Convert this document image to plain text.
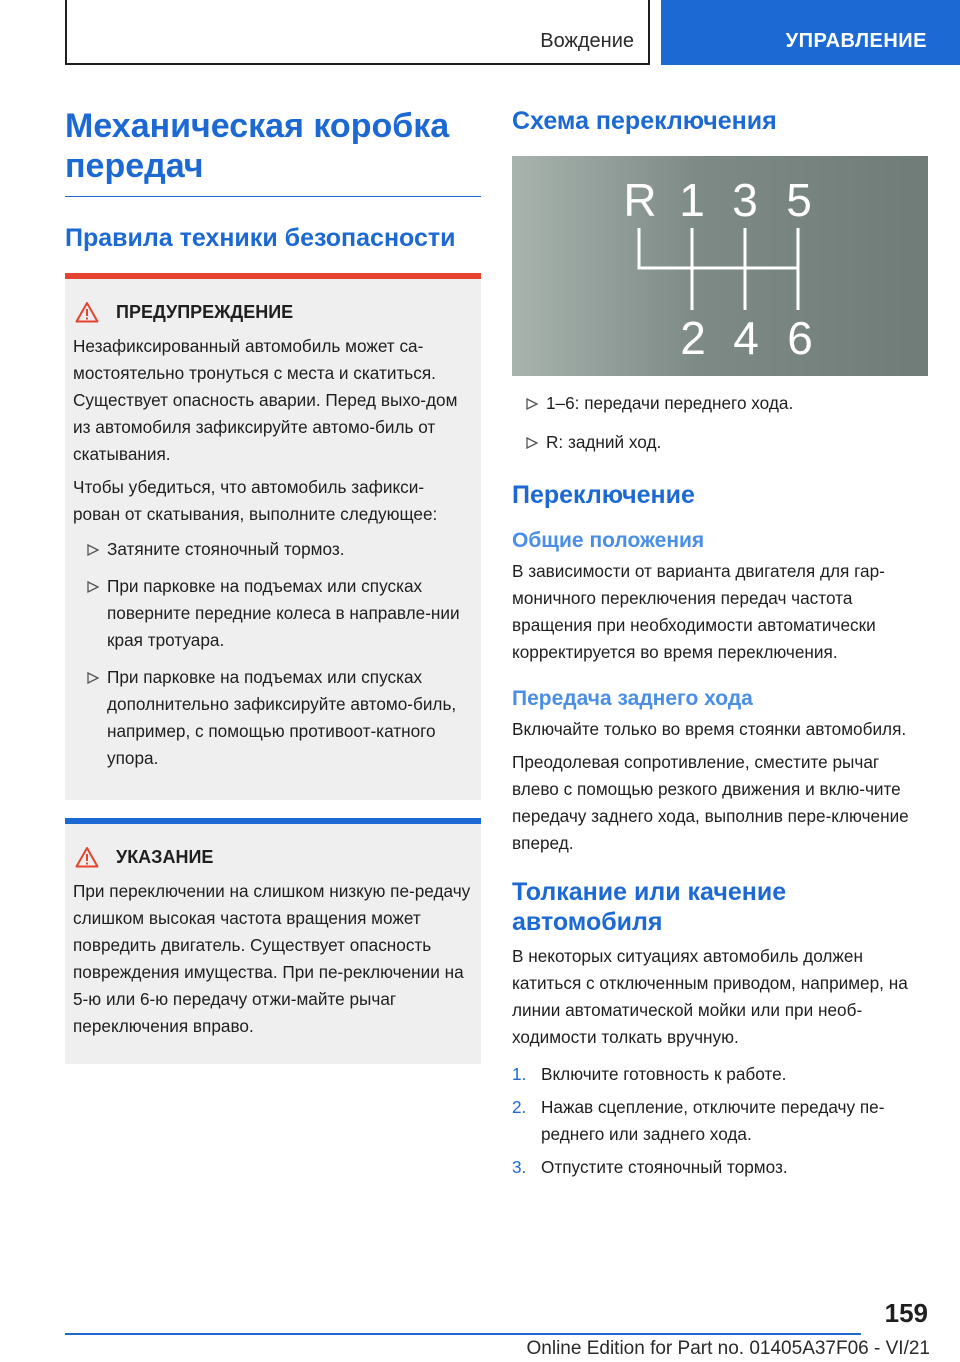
Вождение	УПРАВЛЕНИЕ
Механическая коробка передач
Правила техники безопасности
ПРЕДУПРЕЖДЕНИЕ

Незафиксированный автомобиль может са-мостоятельно тронуться с места и скатиться. Существует опасность аварии. Перед выхо-дом из автомобиля зафиксируйте автомо-биль от скатывания.

Чтобы убедиться, что автомобиль зафикси-рован от скатывания, выполните следующее:

Затяните стояночный тормоз.
При парковке на подъемах или спусках поверните передние колеса в направле-нии края тротуара.
При парковке на подъемах или спусках дополнительно зафиксируйте автомо-биль, например, с помощью противоот-катного упора.
УКАЗАНИЕ

При переключении на слишком низкую пе-редачу слишком высокая частота вращения может повредить двигатель. Существует опасность повреждения имущества. При пе-реключении на 5-ю или 6-ю передачу отжи-майте рычаг переключения вправо.

Схема переключения
R 1 3 5
2 4 6
1–6: передачи переднего хода.
R: задний ход.
Переключение
Общие положения

В зависимости от варианта двигателя для гар-моничного переключения передач частота вращения при необходимости автоматически корректируется во время переключения.

Передача заднего хода

Включайте только во время стоянки автомобиля.

Преодолевая сопротивление, сместите рычаг влево с помощью резкого движения и вклю-чите передачу заднего хода, выполнив пере-ключение вперед.

Толкание или качение автомобиля

В некоторых ситуациях автомобиль должен катиться с отключенным приводом, например, на линии автоматической мойки или при необ-ходимости толкать вручную.

1. Включите готовность к работе.
2. Нажав сцепление, отключите передачу пе-реднего или заднего хода.
3. Отпустите стояночный тормоз.
159
Online Edition for Part no. 01405A37F06 - VI/21
